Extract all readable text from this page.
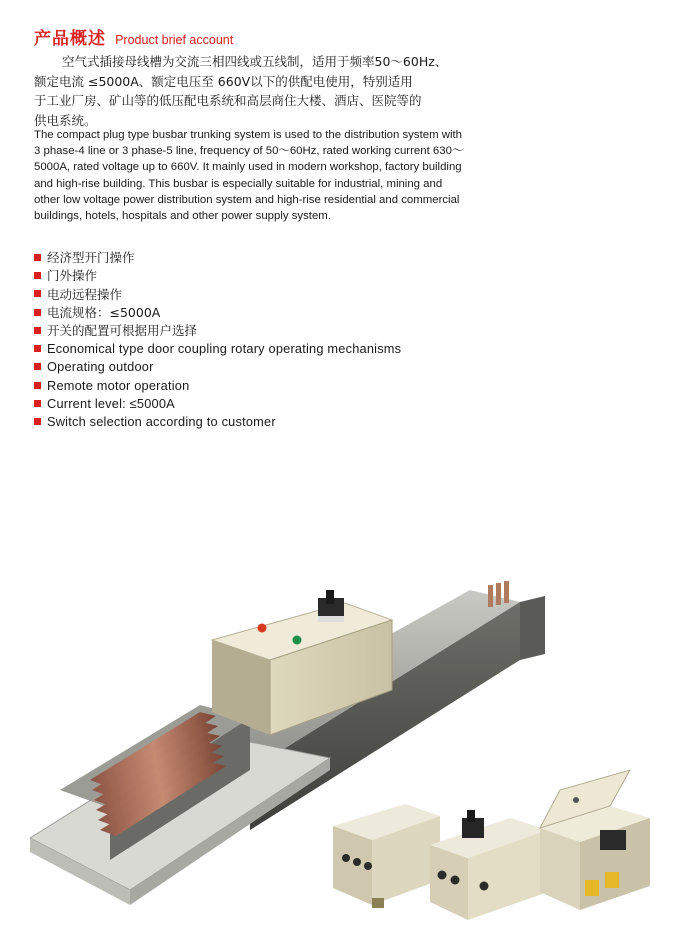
产品概述 Product brief account

空气式插接母线槽为交流三相四线或五线制，适用于频率50～60Hz、
额定电流 ≤5000A、额定电压至 660V以下的供配电使用，特别适用
于工业厂房、矿山等的低压配电系统和高层商住大楼、酒店、医院等的
供电系统。

The compact plug type busbar trunking system is used to the distribution system with
3 phase-4 line or 3 phase-5 line, frequency of 50～60Hz, rated working current 630～
5000A, rated voltage up to 660V. It mainly used in modern workshop, factory building
and high-rise building. This busbar is especially suitable for industrial, mining and
other low voltage power distribution system and high-rise residential and commercial
buildings, hotels, hospitals and other power supply system.

经济型开门操作
门外操作
电动远程操作
电流规格：≤5000A
开关的配置可根据用户选择
Economical type door coupling rotary operating mechanisms
Operating outdoor
Remote motor operation
Current level: ≤5000A
Switch selection according to customer
